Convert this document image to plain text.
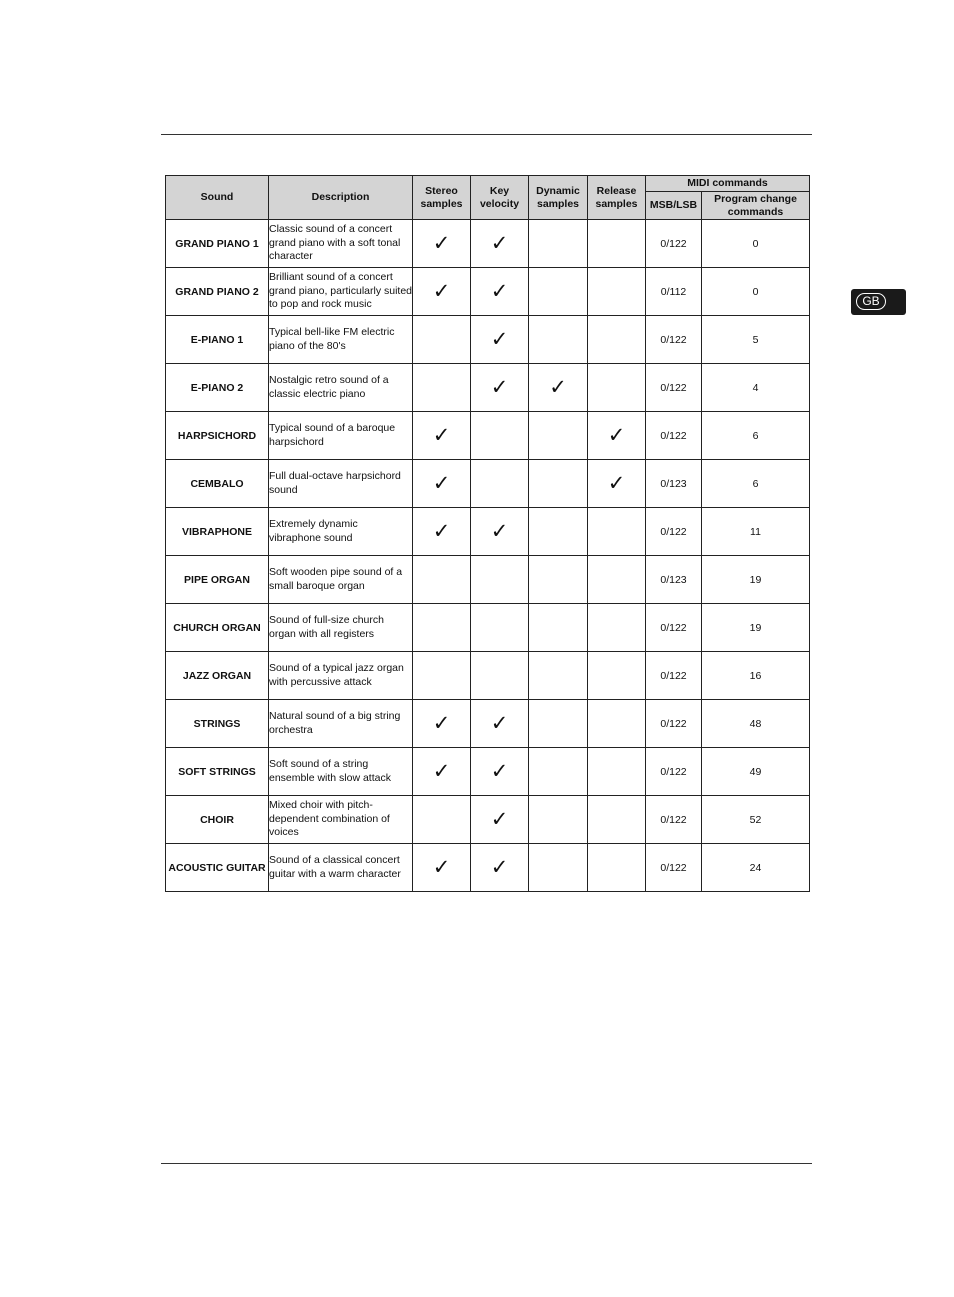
GB
Sound	Description	Stereo samples	Key velocity	Dynamic samples	Release samples	MIDI commands	
						MSB/LSB	Program change commands
GRAND PIANO 1	Classic sound of a concert grand piano with a soft tonal character	✓	✓			0/122	0
GRAND PIANO 2	Brilliant sound of a concert grand piano, particularly suited to pop and rock music	✓	✓			0/112	0
E-PIANO 1	Typical bell-like FM electric piano of the 80's		✓			0/122	5
E-PIANO 2	Nostalgic retro sound of a classic electric piano		✓	✓		0/122	4
HARPSICHORD	Typical sound of a baroque harpsichord	✓			✓	0/122	6
CEMBALO	Full dual-octave harpsichord sound	✓			✓	0/123	6
VIBRAPHONE	Extremely dynamic vibraphone sound	✓	✓			0/122	11
PIPE ORGAN	Soft wooden pipe sound of a small baroque organ					0/123	19
CHURCH ORGAN	Sound of full-size church organ with all registers					0/122	19
JAZZ ORGAN	Sound of a typical jazz organ with percussive attack					0/122	16
STRINGS	Natural sound of a big string orchestra	✓	✓			0/122	48
SOFT STRINGS	Soft sound of a string ensemble with slow attack	✓	✓			0/122	49
CHOIR	Mixed choir with pitch-dependent combination of voices		✓			0/122	52
ACOUSTIC GUITAR	Sound of a classical concert guitar with a warm character	✓	✓			0/122	24
